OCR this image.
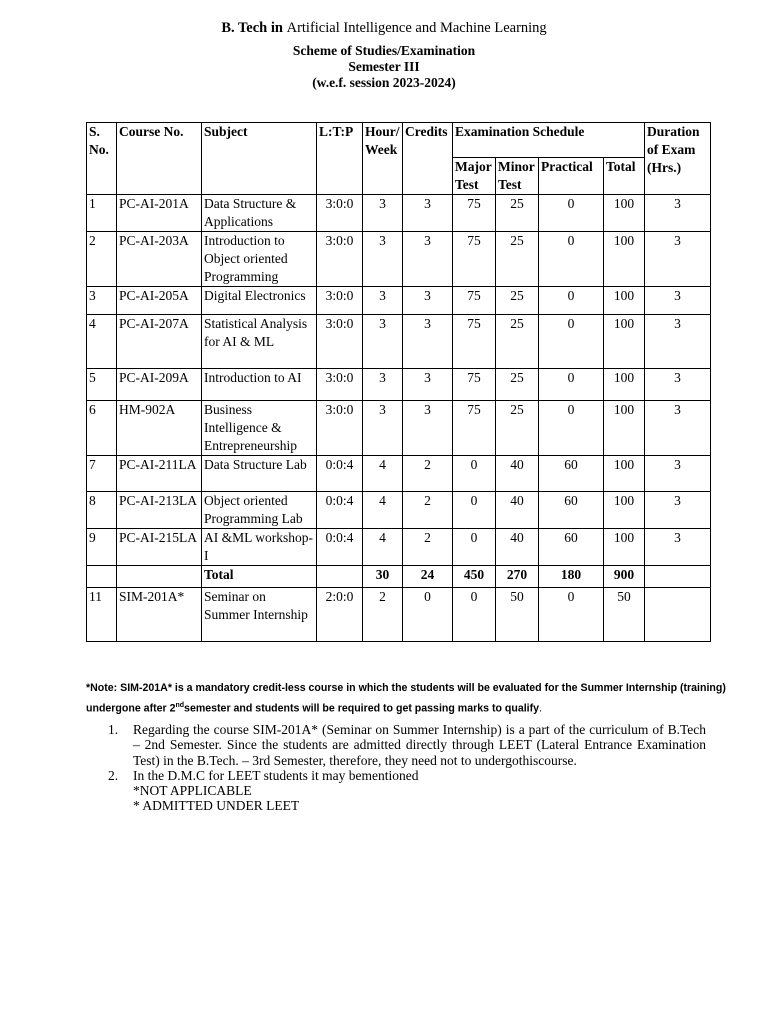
B. Tech in Artificial Intelligence and Machine Learning
Scheme of Studies/Examination
Semester III
(w.e.f. session 2023-2024)
S. No.	Course No.	Subject	L:T:P	Hour/ Week	Credits	Examination Schedule				Duration of Exam (Hrs.)
						Major Test	Minor Test	Practical	Total	
1	PC-AI-201A	Data Structure & Applications	3:0:0	3	3	75	25	0	100	3
2	PC-AI-203A	Introduction to Object oriented Programming	3:0:0	3	3	75	25	0	100	3
3	PC-AI-205A	Digital Electronics	3:0:0	3	3	75	25	0	100	3
4	PC-AI-207A	Statistical Analysis for AI & ML	3:0:0	3	3	75	25	0	100	3
5	PC-AI-209A	Introduction to AI	3:0:0	3	3	75	25	0	100	3
6	HM-902A	Business Intelligence & Entrepreneurship	3:0:0	3	3	75	25	0	100	3
7	PC-AI-211LA	Data Structure Lab	0:0:4	4	2	0	40	60	100	3
8	PC-AI-213LA	Object oriented Programming Lab	0:0:4	4	2	0	40	60	100	3
9	PC-AI-215LA	AI &ML workshop-I	0:0:4	4	2	0	40	60	100	3
		Total		30	24	450	270	180	900	
11	SIM-201A*	Seminar on Summer Internship	2:0:0	2	0	0	50	0	50	
*Note: SIM-201A* is a mandatory credit-less course in which the students will be evaluated for the Summer Internship (training) undergone after 2ndsemester and students will be required to get passing marks to qualify.
1. Regarding the course SIM-201A* (Seminar on Summer Internship) is a part of the curriculum of B.Tech – 2nd Semester. Since the students are admitted directly through LEET (Lateral Entrance Examination Test) in the B.Tech. – 3rd Semester, therefore, they need not to undergothiscourse.
2. In the D.M.C for LEET students it may bementioned
*NOT APPLICABLE
* ADMITTED UNDER LEET
